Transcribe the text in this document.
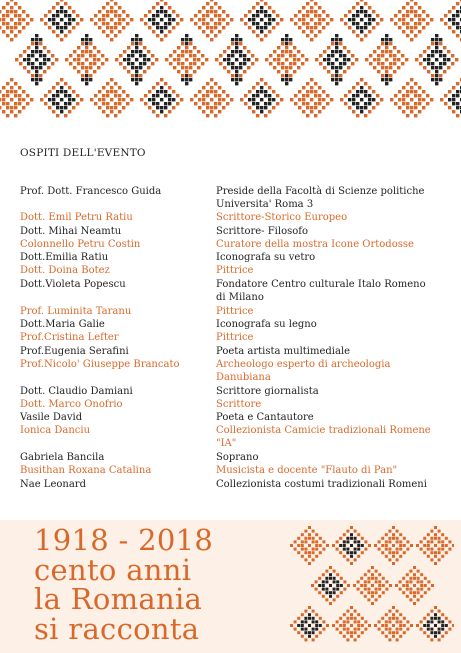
OSPITI DELL'EVENTO
Prof. Dott. Francesco Guida	Preside della Facoltà di Scienze politiche
Universita' Roma 3
Dott. Emil Petru Ratiu	Scrittore-Storico Europeo
Dott. Mihai Neamtu	Scrittore- Filosofo
Colonnello Petru Costin	Curatore della mostra Icone Ortodosse
Dott.Emilia Ratiu	Iconografa su vetro
Dott. Doina Botez	Pittrice
Dott.Violeta Popescu	Fondatore Centro culturale Italo Romeno
di Milano
Prof. Luminita Taranu	Pittrice
Dott.Maria Galie	Iconografa su legno
Prof.Cristina Lefter	Pittrice
Prof.Eugenia Serafini	Poeta artista multimediale
Prof.Nicolo' Giuseppe Brancato	Archeologo esperto di archeologia
Danubiana
Dott. Claudio Damiani	Scrittore giornalista
Dott. Marco Onofrio	Scrittore
Vasile David	Poeta e Cantautore
Ionica Danciu	Collezionista Camicie tradizionali Romene
"IA"
Gabriela Bancila	Soprano
Busithan Roxana Catalina	Musicista e docente "Flauto di Pan"
Nae Leonard	Collezionista costumi tradizionali Romeni
1918 - 2018
cento anni
la Romania
si racconta
